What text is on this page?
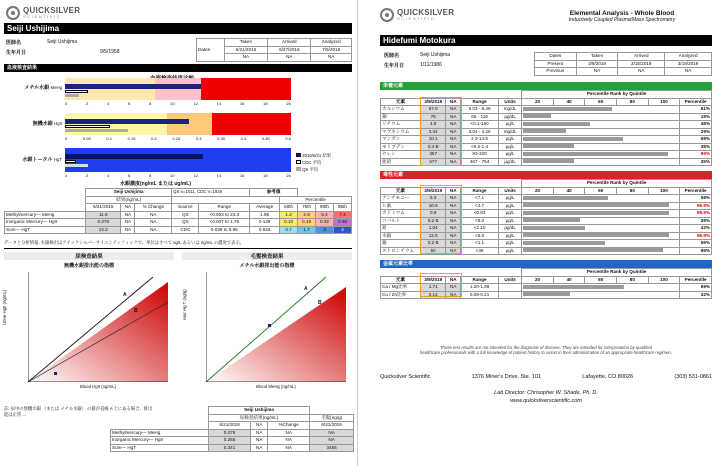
QUICKSILVER
SCIENTIFIC
Seiji Ushijima
医師名	Seiji Ushijima
生年月日	9/5/1958	Dates	Taken	Arrived	Analyzed
	6/21/2016	6/27/2016	7/5/2016
	NA	NA	NA
血液検査結果
メチル水銀 MeHg
0	2	4	6	8	10	12	14	16	18	20
無機水銀 HgII
0	0.05	0.1	0.15	0.2	0.25	0.3	0.35	0.4	0.45	0.5
水銀トータル HgT
0	2	4	6	8	10	12	14	16	18	20
2016/6/21 結果
CDC 平均
QS 平均
水銀濃度(ng/mL または ug/mL)
	Seiji Ushijima			QS n=1011, CDC n=1926		参考値				
	結果(ng/mL)						Percentile			
	6/21/2016	NA	% Change	Source	Range	Average	50th	75th	90th	95th
Methylmercury— MeHg	11.9	NA	NA	QS	<0.003 to 23.3	1.95	1.2	2.9	5.4	7.4
Inorganic Mercury— HgII	0.276	NA	NA	QS	<0.007 to 1.75	0.139	0.10	0.19	0.32	0.46
Sum— HgT	12.2	NA	NA	CDC	0.036 to 9.96	0.833	0.7	1.7	3	4
データと分析情報: 水銀検出はクイックシルバーサイエンティフィックで、単位はすべて ug/L あるいは ng/mL の濃度で表示。
尿検査結果
無機水銀排出能の指標
A
B
Urine HgII (ng/mL)
Blood HgII (ng/mL)
毛髪検査結果
メチル水銀排出能の指標
A
B
Hair Hg T (ng/g)
Blood MeHg (ng/mL)
註: 尿中の無機水銀 （または メチル水銀） の値が直線 A 上にある場合、排出能は正常 …
	Seiji Ushijima			
	尿検査結果(ng/mL)			毛髪(ng/g)
	6/21/2016	NA	%Change	6/21/2016
Methylmercury— MeHg	0.076	NA	NA	NA
Inorganic Mercury— HgII	0.265	NA	NA	NA
Sum— HgT	0.341	NA	NA	3466
QUICKSILVER
SCIENTIFIC
Elemental Analysis - Whole Blood
Inductively Coupled Plasma/Mass Spectrometry
Hidefumi Motokura
医師名	Seiji Ushijima
生年月日	1/11/1986
Dates	Taken	Arrived	Analyzed
Present	3/9/2019	3/15/2019	3/19/2019
Previous	NA	NA	NA
栄養元素
					Percentile Rank by Quintile					
元素	3/9/2019	NA	Range	Units	20	40	60	80	100	Percentile
カルシウム	57.0	NA	5.03 - 6.49	mg/dL						61%
銅	78	NA	65 - 119	μg/dL						19%
リチウム	4.8	NA	<0.1-160	μg/L						46%
マグネシウム	3.44	NA	3.04 - 4.26	mg/dL						29%
マンガン	10.1	NA	2.3-14.5	μg/L						68%
モリブデン	0.4 B	NA	<0.2-1.4	μg/L						35%
セレン	357	NA	83-320	μg/L						99%
亜鉛	577	NA	467 - 754	μg/dL						35%
毒性元素
					Percentile Rank by Quintile					
元素	3/9/2019	NA	Range	Units	20	40	60	80	100	Percentile
アンチモニー	5.3	NA	<7.1	μg/L						58%
ヒ素	10.5	NA	<4.7	μg/L						99.9%
カドミウム	0.9	NA	<0.83	μg/L						99.9%
コバルト	0.2 B	NA	<5.0	μg/L						39%
鉛	1.04	NA	<2.10	μg/dL						42%
水銀	12.5	NA	<5.8	μg/L						99.9%
銀	0.2 B	NA	<1.1	μg/L						56%
ストロンチウム	50	NA	<49	μg/L						96%
金属元素比率
					Percentile Rank by Quintile					
元素	3/9/2019	NA	Range	Units	20	40	60	80	100	Percentile
Ca / Mg比率	1.71	NA	1.20-1.99							69%
Cu / Zn比率	0.14	NA	0.09-0.21							32%
These test results are not intended for the diagnosis of disease. They are intended for interpretation by qualified
healthcare professionals with a full knowledge of patient history to assist in their administration of an appropriate healthcare regimen.
Quicksilver Scientific	1376 Miner's Drive, Ste. 101	Lafayette, CO 80026	(303) 531-0861
Lab Director: Chrisopher W. Shade, Ph. D.
www.quicksilverscientific.com
